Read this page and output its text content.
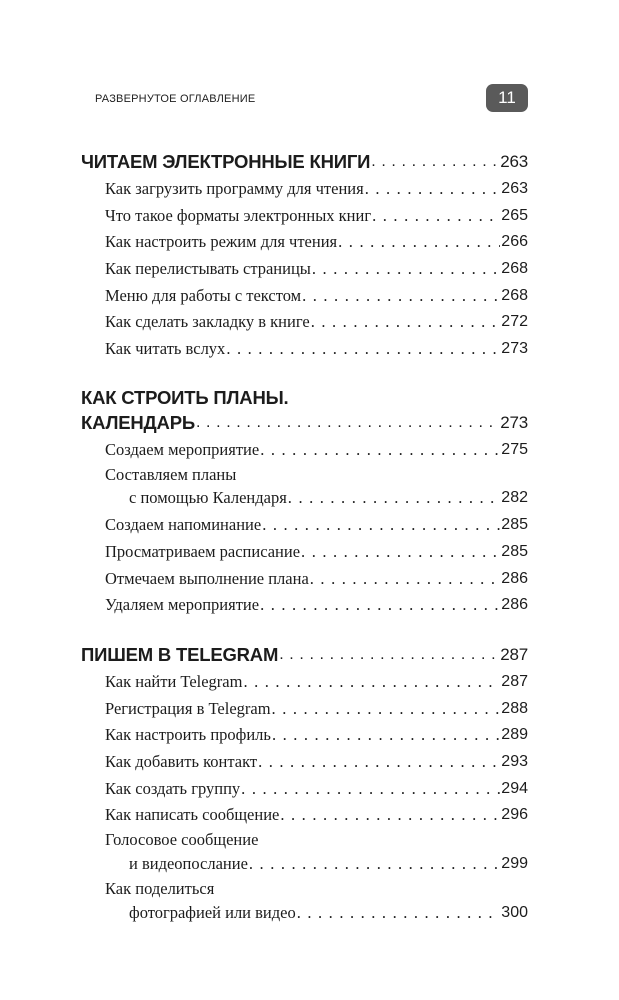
РАЗВЕРНУТОЕ ОГЛАВЛЕНИЕ	11
ЧИТАЕМ ЭЛЕКТРОННЫЕ КНИГИ . . .	263
Как загрузить программу для чтения . . .	263
Что такое форматы электронных книг . . .	265
Как настроить режим для чтения . . .	266
Как перелистывать страницы . . .	268
Меню для работы с текстом . . .	268
Как сделать закладку в книге . . .	272
Как читать вслух . . .	273
КАК СТРОИТЬ ПЛАНЫ.
КАЛЕНДАРЬ . . .	273
Создаем мероприятие . . .	275
Составляем планы
с помощью Календаря . . .	282
Создаем напоминание . . .	285
Просматриваем расписание . . .	285
Отмечаем выполнение плана . . .	286
Удаляем мероприятие . . .	286
ПИШЕМ В TELEGRAM . . .	287
Как найти Telegram . . .	287
Регистрация в Telegram . . .	288
Как настроить профиль . . .	289
Как добавить контакт . . .	293
Как создать группу . . .	294
Как написать сообщение . . .	296
Голосовое сообщение
и видеопослание . . .	299
Как поделиться
фотографией или видео . . .	300
